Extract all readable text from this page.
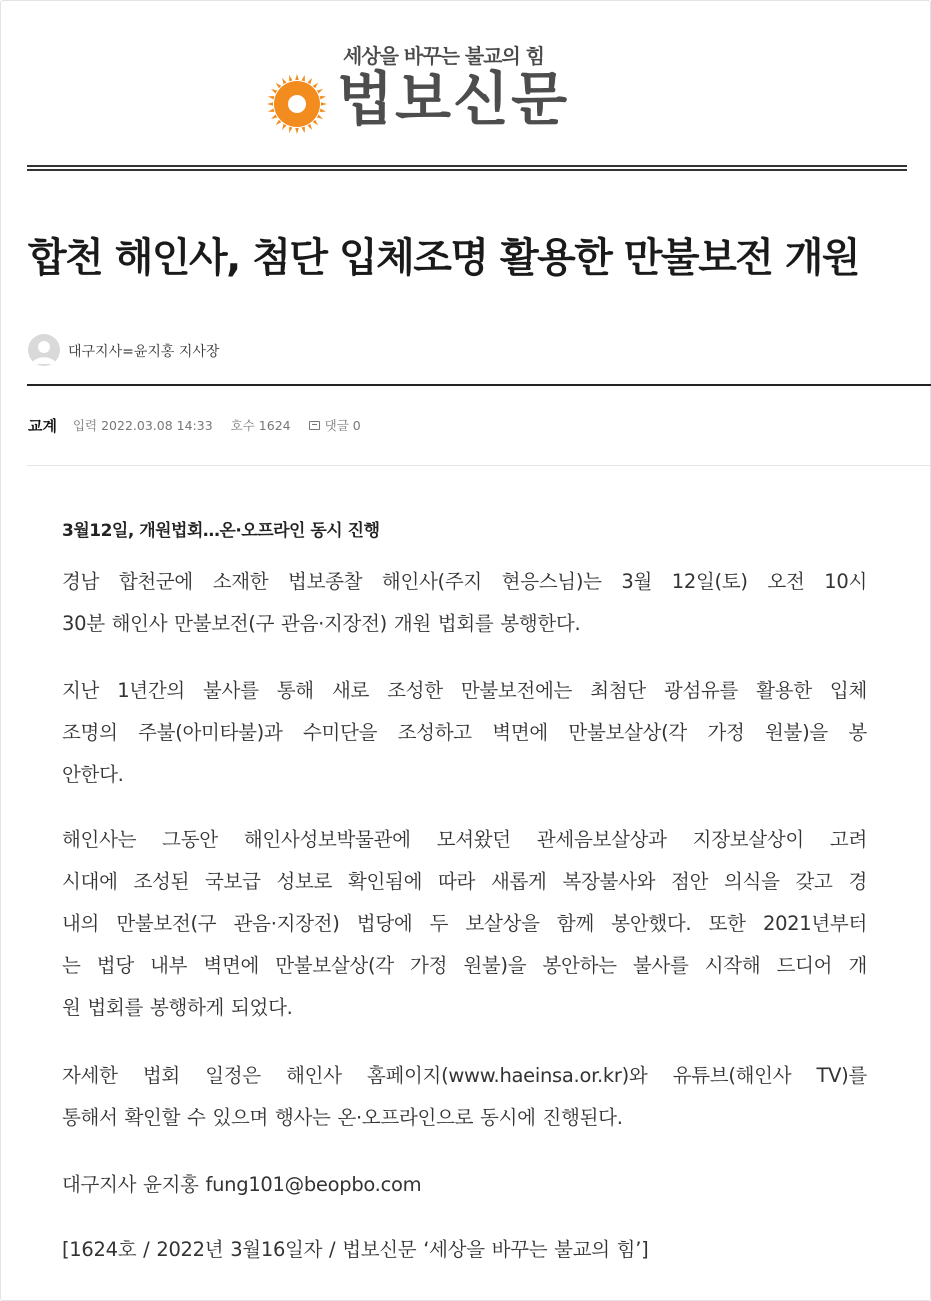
세상을 바꾸는 불교의 힘
법보신문
합천 해인사, 첨단 입체조명 활용한 만불보전 개원
대구지사=윤지홍 지사장
교계 입력 2022.03.08 14:33 호수 1624	댓글 0
3월12일, 개원법회…온·오프라인 동시 진행
경남 합천군에 소재한 법보종찰 해인사(주지 현응스님)는 3월 12일(토) 오전 10시
30분 해인사 만불보전(구 관음·지장전) 개원 법회를 봉행한다.
지난 1년간의 불사를 통해 새로 조성한 만불보전에는 최첨단 광섬유를 활용한 입체
조명의 주불(아미타불)과 수미단을 조성하고 벽면에 만불보살상(각 가정 원불)을 봉
안한다.
해인사는 그동안 해인사성보박물관에 모셔왔던 관세음보살상과 지장보살상이 고려
시대에 조성된 국보급 성보로 확인됨에 따라 새롭게 복장불사와 점안 의식을 갖고 경
내의 만불보전(구 관음·지장전) 법당에 두 보살상을 함께 봉안했다. 또한 2021년부터
는 법당 내부 벽면에 만불보살상(각 가정 원불)을 봉안하는 불사를 시작해 드디어 개
원 법회를 봉행하게 되었다.
자세한 법회 일정은 해인사 홈페이지(www.haeinsa.or.kr)와 유튜브(해인사 TV)를
통해서 확인할 수 있으며 행사는 온·오프라인으로 동시에 진행된다.
대구지사 윤지홍 fung101@beopbo.com
[1624호 / 2022년 3월16일자 / 법보신문 ‘세상을 바꾸는 불교의 힘’]
